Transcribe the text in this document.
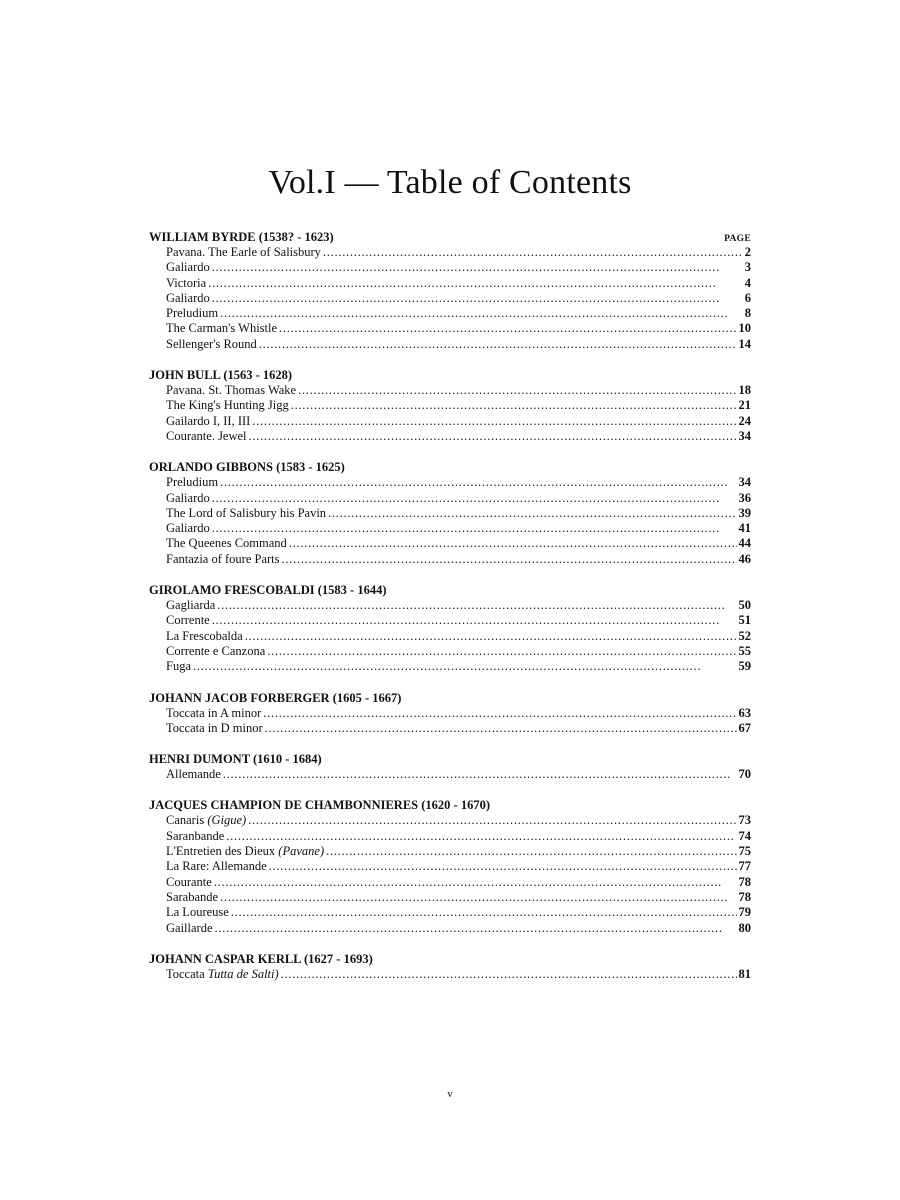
Vol.I — Table of Contents
WILLIAM BYRDE (1538? - 1623)	PAGE
Pavana. The Earle of Salisbury . . .	2
Galiardo . . .	3
Victoria . . .	4
Galiardo . . .	6
Preludium . . .	8
The Carman's Whistle . . .	10
Sellenger's Round . . .	14
JOHN BULL (1563 - 1628)
Pavana. St. Thomas Wake . . .	18
The King's Hunting Jigg . . .	21
Gailardo I, II, III . . .	24
Courante. Jewel . . .	34
ORLANDO GIBBONS (1583 - 1625)
Preludium . . .	34
Galiardo . . .	36
The Lord of Salisbury his Pavin . . .	39
Galiardo . . .	41
The Queenes Command . . .	44
Fantazia of foure Parts . . .	46
GIROLAMO FRESCOBALDI (1583 - 1644)
Gagliarda . . .	50
Corrente . . .	51
La Frescobalda . . .	52
Corrente e Canzona . . .	55
Fuga . . .	59
JOHANN JACOB FORBERGER (1605 - 1667)
Toccata in A minor . . .	63
Toccata in D minor . . .	67
HENRI DUMONT (1610 - 1684)
Allemande . . .	70
JACQUES CHAMPION DE CHAMBONNIERES (1620 - 1670)
Canaris (Gigue) . . .	73
Saranbande . . .	74
L'Entretien des Dieux (Pavane) . . .	75
La Rare: Allemande . . .	77
Courante . . .	78
Sarabande . . .	78
La Loureuse . . .	79
Gaillarde . . .	80
JOHANN CASPAR KERLL (1627 - 1693)
Toccata Tutta de Salti) . . .	81
v
